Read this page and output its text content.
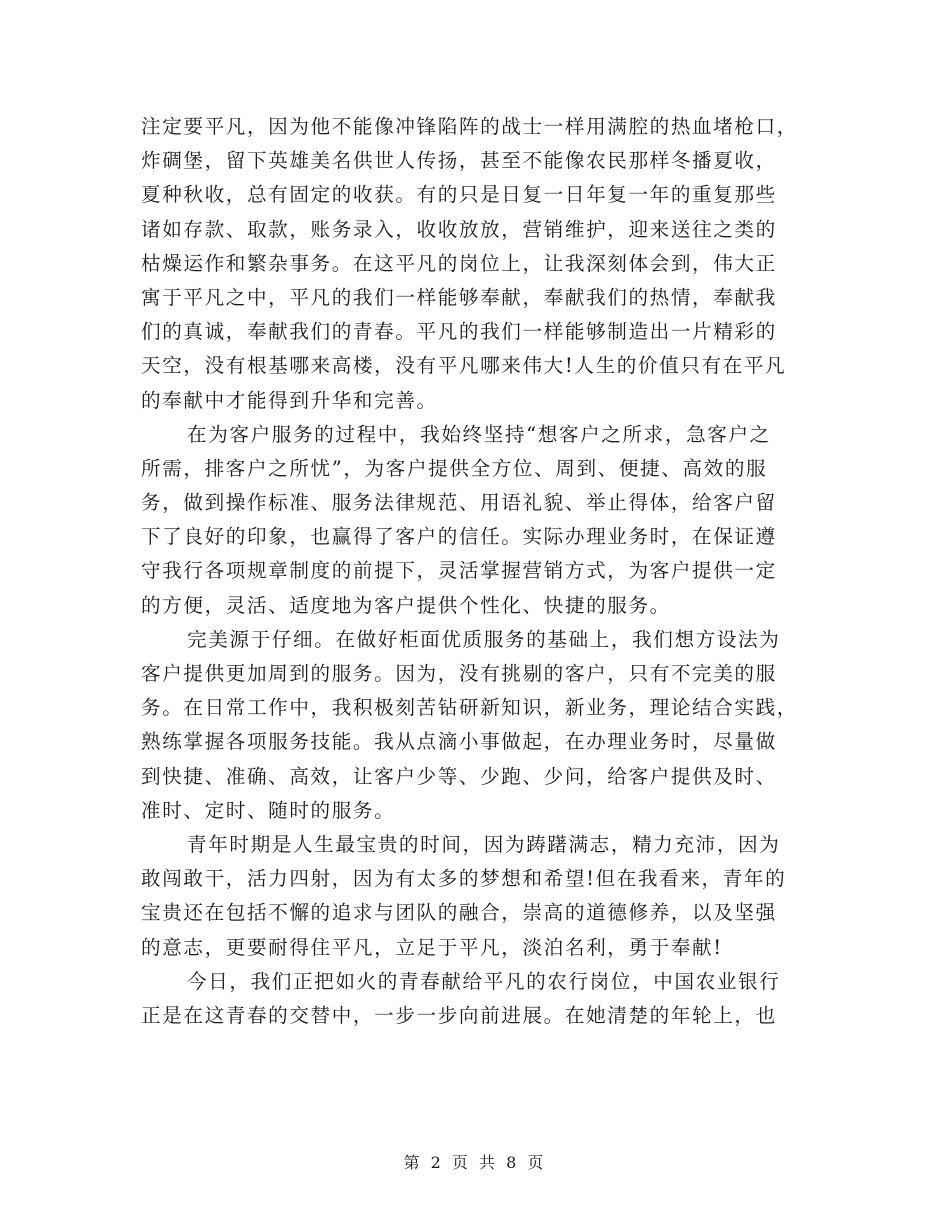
注定要平凡，因为他不能像冲锋陷阵的战士一样用满腔的热血堵枪口，
炸碉堡，留下英雄美名供世人传扬，甚至不能像农民那样冬播夏收，
夏种秋收，总有固定的收获。有的只是日复一日年复一年的重复那些
诸如存款、取款，账务录入，收收放放，营销维护，迎来送往之类的
枯燥运作和繁杂事务。在这平凡的岗位上，让我深刻体会到，伟大正
寓于平凡之中，平凡的我们一样能够奉献，奉献我们的热情，奉献我
们的真诚，奉献我们的青春。平凡的我们一样能够制造出一片精彩的
天空，没有根基哪来高楼，没有平凡哪来伟大!人生的价值只有在平凡
的奉献中才能得到升华和完善。
在为客户服务的过程中，我始终坚持“想客户之所求，急客户之
所需，排客户之所忧”，为客户提供全方位、周到、便捷、高效的服
务，做到操作标准、服务法律规范、用语礼貌、举止得体，给客户留
下了良好的印象，也赢得了客户的信任。实际办理业务时，在保证遵
守我行各项规章制度的前提下，灵活掌握营销方式，为客户提供一定
的方便，灵活、适度地为客户提供个性化、快捷的服务。
完美源于仔细。在做好柜面优质服务的基础上，我们想方设法为
客户提供更加周到的服务。因为，没有挑剔的客户，只有不完美的服
务。在日常工作中，我积极刻苦钻研新知识，新业务，理论结合实践，
熟练掌握各项服务技能。我从点滴小事做起，在办理业务时，尽量做
到快捷、准确、高效，让客户少等、少跑、少问，给客户提供及时、
准时、定时、随时的服务。
青年时期是人生最宝贵的时间，因为踌躇满志，精力充沛，因为
敢闯敢干，活力四射，因为有太多的梦想和希望!但在我看来，青年的
宝贵还在包括不懈的追求与团队的融合，崇高的道德修养，以及坚强
的意志，更要耐得住平凡，立足于平凡，淡泊名利，勇于奉献!
今日，我们正把如火的青春献给平凡的农行岗位，中国农业银行
正是在这青春的交替中，一步一步向前进展。在她清楚的年轮上，也
第 2 页 共 8 页
